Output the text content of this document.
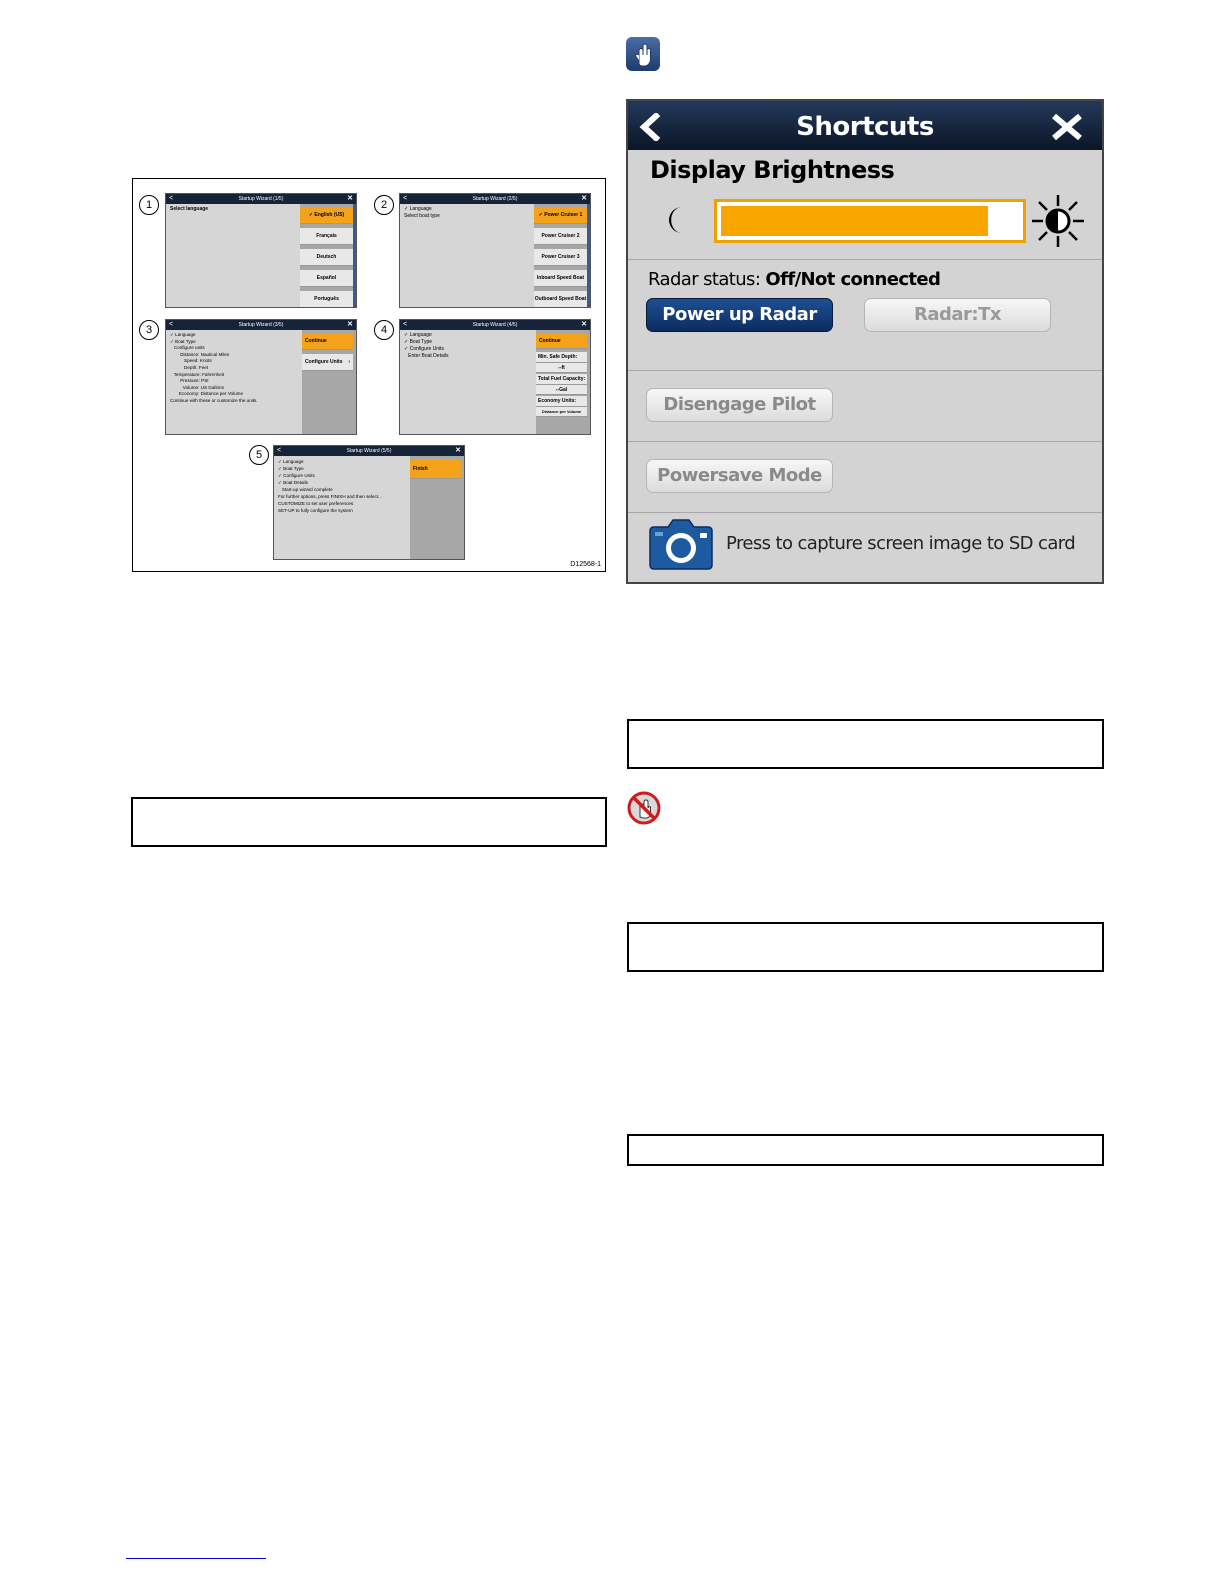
1
<	Startup Wizard (1/5)	✕
Select language
✓ English (US)
Français
Deutsch
Español
Português
2
<	Startup Wizard (2/5)	✕
✓ Language
Select boat type	✓ Power Cruiser 1
Power Cruiser 2
Power Cruiser 3
Inboard Speed Boat
Outboard Speed Boat
3	<	Startup Wizard (3/5)	✕
✓ Language
✓ Boat Type
Configure units
Distance: Nautical Miles
Speed: Knots
Depth: Feet
Temperature: Fahrenheit
Pressure: PSI
Volume: US Gallons
Economy: Distance per Volume
Continue with these or customize the units.
Continue
Configure Units ›
4	<	Startup Wizard (4/5)	✕
✓ Language
✓ Boat Type
✓ Configure Units
Enter Boat Details
Continue
Min. Safe Depth:
--ft
Total Fuel Capacity:
--Gal
Economy Units:
Distance per Volume
5	<	Startup Wizard (5/5)	✕
✓ Language
✓ Boat Type
✓ Configure Units
✓ Boat Details
Start-up wizard complete
For further options, press FINISH and then select...
CUSTOMIZE to set user preferences
SET-UP to fully configure the system
Finish
D12568-1
Shortcuts
Display Brightness
Radar status: Off/Not connected
Power up Radar	Radar:Tx
Disengage Pilot
Powersave Mode
Press to capture screen image to SD card
